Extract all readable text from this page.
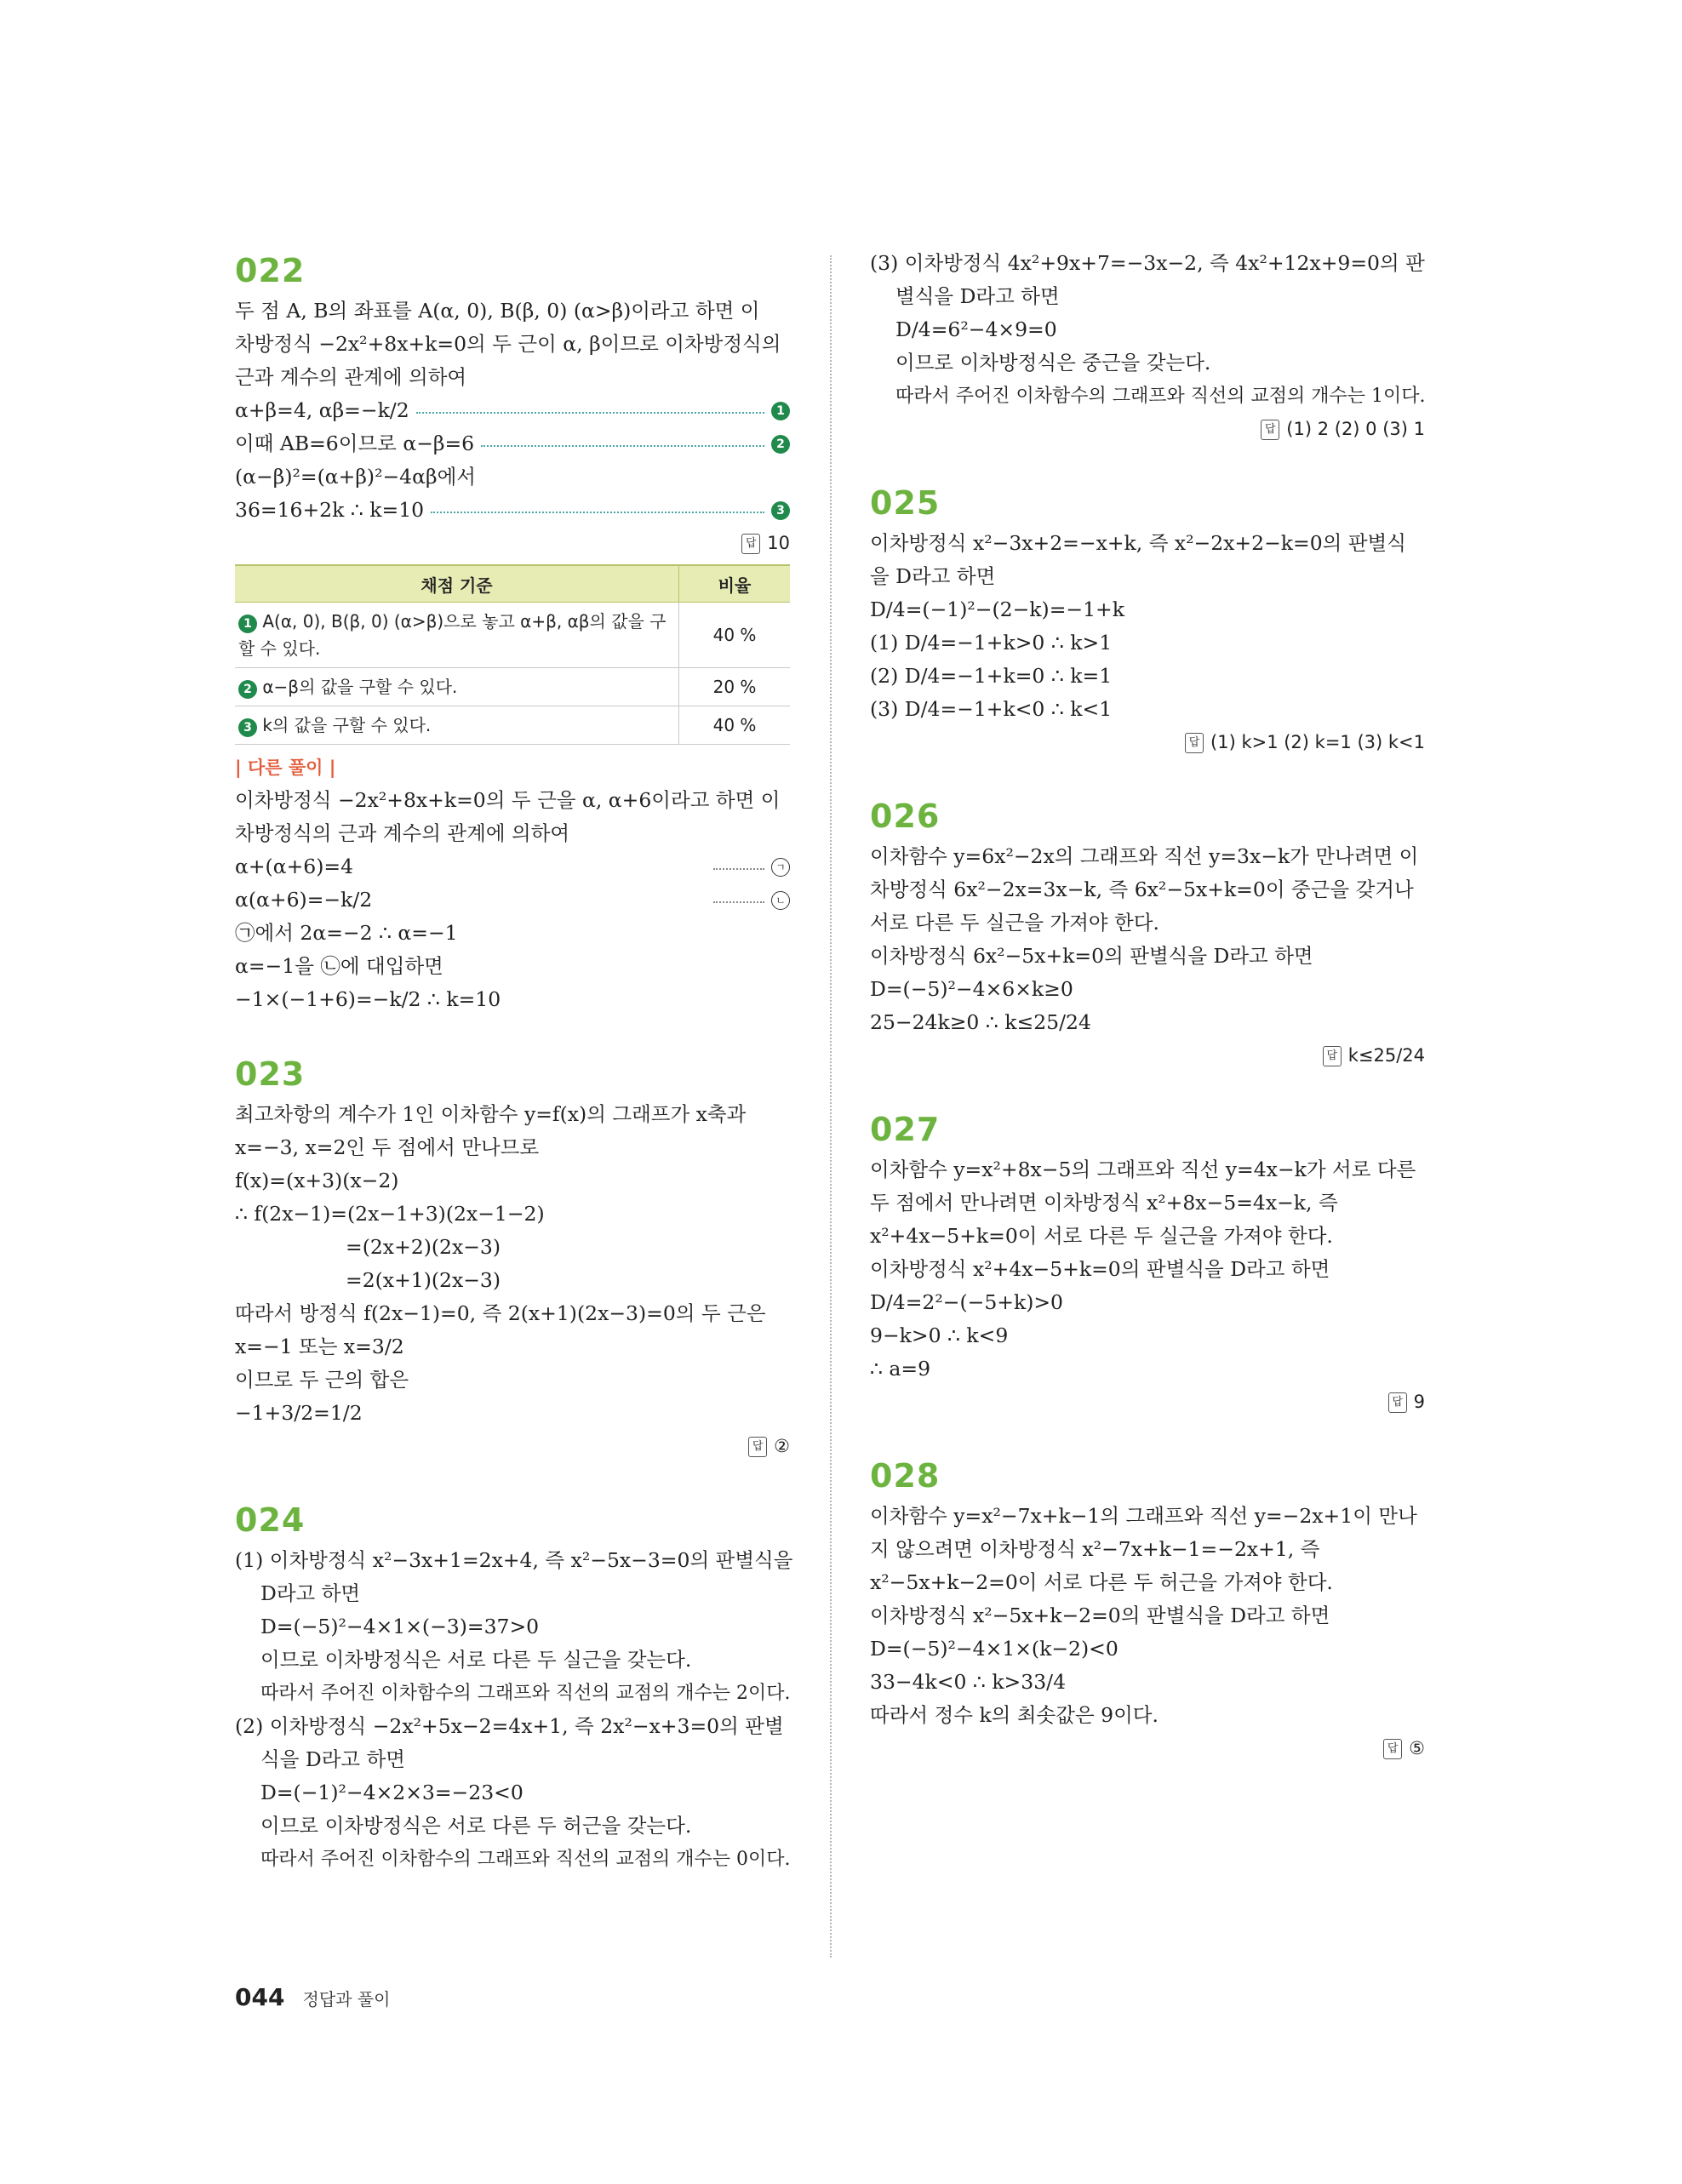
022
두 점 A, B의 좌표를 A(α, 0), B(β, 0) (α>β)이라고 하면 이
차방정식 −2x²+8x+k=0의 두 근이 α, β이므로 이차방정식의
근과 계수의 관계에 의하여
α+β=4, αβ=−k/2	1
이때 AB=6이므로 α−β=6	2
(α−β)²=(α+β)²−4αβ에서
36=16+2k ∴ k=10	3
답 10
채점 기준	비율
1 A(α, 0), B(β, 0) (α>β)으로 놓고 α+β, αβ의 값을 구할 수 있다.	40 %
2 α−β의 값을 구할 수 있다.	20 %
3 k의 값을 구할 수 있다.	40 %
| 다른 풀이 |
이차방정식 −2x²+8x+k=0의 두 근을 α, α+6이라고 하면 이
차방정식의 근과 계수의 관계에 의하여
α+(α+6)=4	ㄱ
α(α+6)=−k/2	ㄴ
㉠에서 2α=−2 ∴ α=−1
α=−1을 ㉡에 대입하면
−1×(−1+6)=−k/2 ∴ k=10
023
최고차항의 계수가 1인 이차함수 y=f(x)의 그래프가 x축과
x=−3, x=2인 두 점에서 만나므로
f(x)=(x+3)(x−2)
∴ f(2x−1)=(2x−1+3)(2x−1−2)
=(2x+2)(2x−3)
=2(x+1)(2x−3)
따라서 방정식 f(2x−1)=0, 즉 2(x+1)(2x−3)=0의 두 근은
x=−1 또는 x=3/2
이므로 두 근의 합은
−1+3/2=1/2
답 ②
024
(1) 이차방정식 x²−3x+1=2x+4, 즉 x²−5x−3=0의 판별식을
D라고 하면
D=(−5)²−4×1×(−3)=37>0
이므로 이차방정식은 서로 다른 두 실근을 갖는다.
따라서 주어진 이차함수의 그래프와 직선의 교점의 개수는 2이다.
(2) 이차방정식 −2x²+5x−2=4x+1, 즉 2x²−x+3=0의 판별
식을 D라고 하면
D=(−1)²−4×2×3=−23<0
이므로 이차방정식은 서로 다른 두 허근을 갖는다.
따라서 주어진 이차함수의 그래프와 직선의 교점의 개수는 0이다.
(3) 이차방정식 4x²+9x+7=−3x−2, 즉 4x²+12x+9=0의 판
별식을 D라고 하면
D/4=6²−4×9=0
이므로 이차방정식은 중근을 갖는다.
따라서 주어진 이차함수의 그래프와 직선의 교점의 개수는 1이다.
답 (1) 2 (2) 0 (3) 1
025
이차방정식 x²−3x+2=−x+k, 즉 x²−2x+2−k=0의 판별식
을 D라고 하면
D/4=(−1)²−(2−k)=−1+k
(1) D/4=−1+k>0 ∴ k>1
(2) D/4=−1+k=0 ∴ k=1
(3) D/4=−1+k<0 ∴ k<1
답 (1) k>1 (2) k=1 (3) k<1
026
이차함수 y=6x²−2x의 그래프와 직선 y=3x−k가 만나려면 이
차방정식 6x²−2x=3x−k, 즉 6x²−5x+k=0이 중근을 갖거나
서로 다른 두 실근을 가져야 한다.
이차방정식 6x²−5x+k=0의 판별식을 D라고 하면
D=(−5)²−4×6×k≥0
25−24k≥0 ∴ k≤25/24
답 k≤25/24
027
이차함수 y=x²+8x−5의 그래프와 직선 y=4x−k가 서로 다른
두 점에서 만나려면 이차방정식 x²+8x−5=4x−k, 즉
x²+4x−5+k=0이 서로 다른 두 실근을 가져야 한다.
이차방정식 x²+4x−5+k=0의 판별식을 D라고 하면
D/4=2²−(−5+k)>0
9−k>0 ∴ k<9
∴ a=9
답 9
028
이차함수 y=x²−7x+k−1의 그래프와 직선 y=−2x+1이 만나
지 않으려면 이차방정식 x²−7x+k−1=−2x+1, 즉
x²−5x+k−2=0이 서로 다른 두 허근을 가져야 한다.
이차방정식 x²−5x+k−2=0의 판별식을 D라고 하면
D=(−5)²−4×1×(k−2)<0
33−4k<0 ∴ k>33/4
따라서 정수 k의 최솟값은 9이다.
답 ⑤
044 정답과 풀이
